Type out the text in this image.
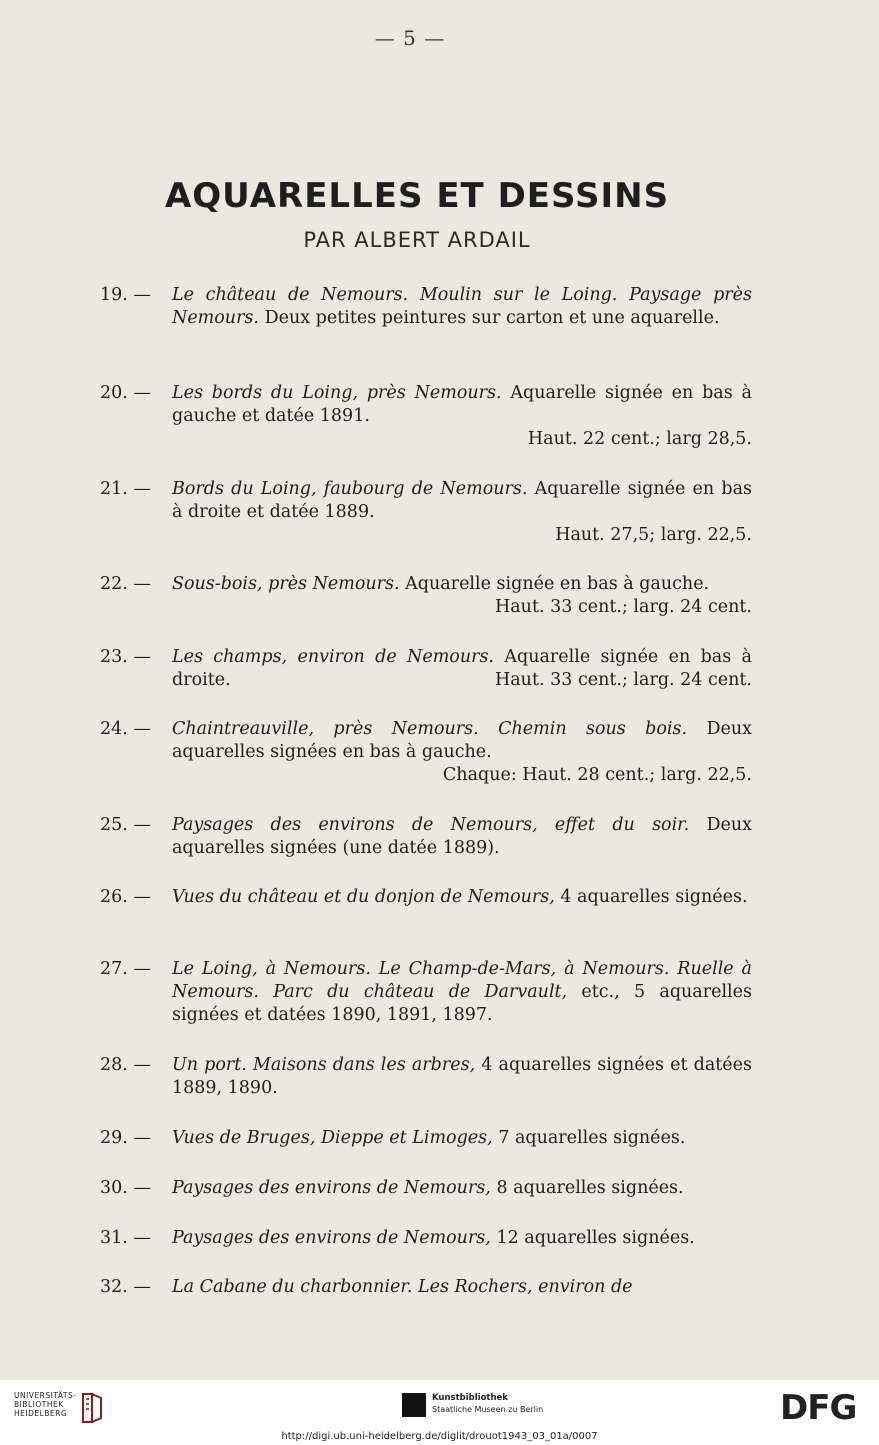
— 5 —
AQUARELLES ET DESSINS
PAR ALBERT ARDAIL
19. — Le château de Nemours. Moulin sur le Loing. Paysage près Nemours. Deux petites peintures sur carton et une aquarelle.
20. — Les bords du Loing, près Nemours. Aquarelle signée en bas à gauche et datée 1891.
Haut. 22 cent.; larg 28,5.
21. — Bords du Loing, faubourg de Nemours. Aquarelle signée en bas à droite et datée 1889.
Haut. 27,5; larg. 22,5.
22. — Sous-bois, près Nemours. Aquarelle signée en bas à gauche.
Haut. 33 cent.; larg. 24 cent.
23. — Les champs, environ de Nemours. Aquarelle signée en bas à droite.	Haut. 33 cent.; larg. 24 cent.
24. — Chaintreauville, près Nemours. Chemin sous bois. Deux aquarelles signées en bas à gauche.
Chaque: Haut. 28 cent.; larg. 22,5.
25. — Paysages des environs de Nemours, effet du soir. Deux aquarelles signées (une datée 1889).
26. — Vues du château et du donjon de Nemours, 4 aquarelles signées.
27. — Le Loing, à Nemours. Le Champ-de-Mars, à Nemours. Ruelle à Nemours. Parc du château de Darvault, etc., 5 aquarelles signées et datées 1890, 1891, 1897.
28. — Un port. Maisons dans les arbres, 4 aquarelles signées et datées 1889, 1890.
29. — Vues de Bruges, Dieppe et Limoges, 7 aquarelles signées.
30. — Paysages des environs de Nemours, 8 aquarelles signées.
31. — Paysages des environs de Nemours, 12 aquarelles signées.
32. — La Cabane du charbonnier. Les Rochers, environ de
UNIVERSITÄTS-
BIBLIOTHEK
HEIDELBERG
Kunstbibliothek
Staatliche Museen zu Berlin	DFG
http://digi.ub.uni-heidelberg.de/diglit/drouot1943_03_01a/0007
